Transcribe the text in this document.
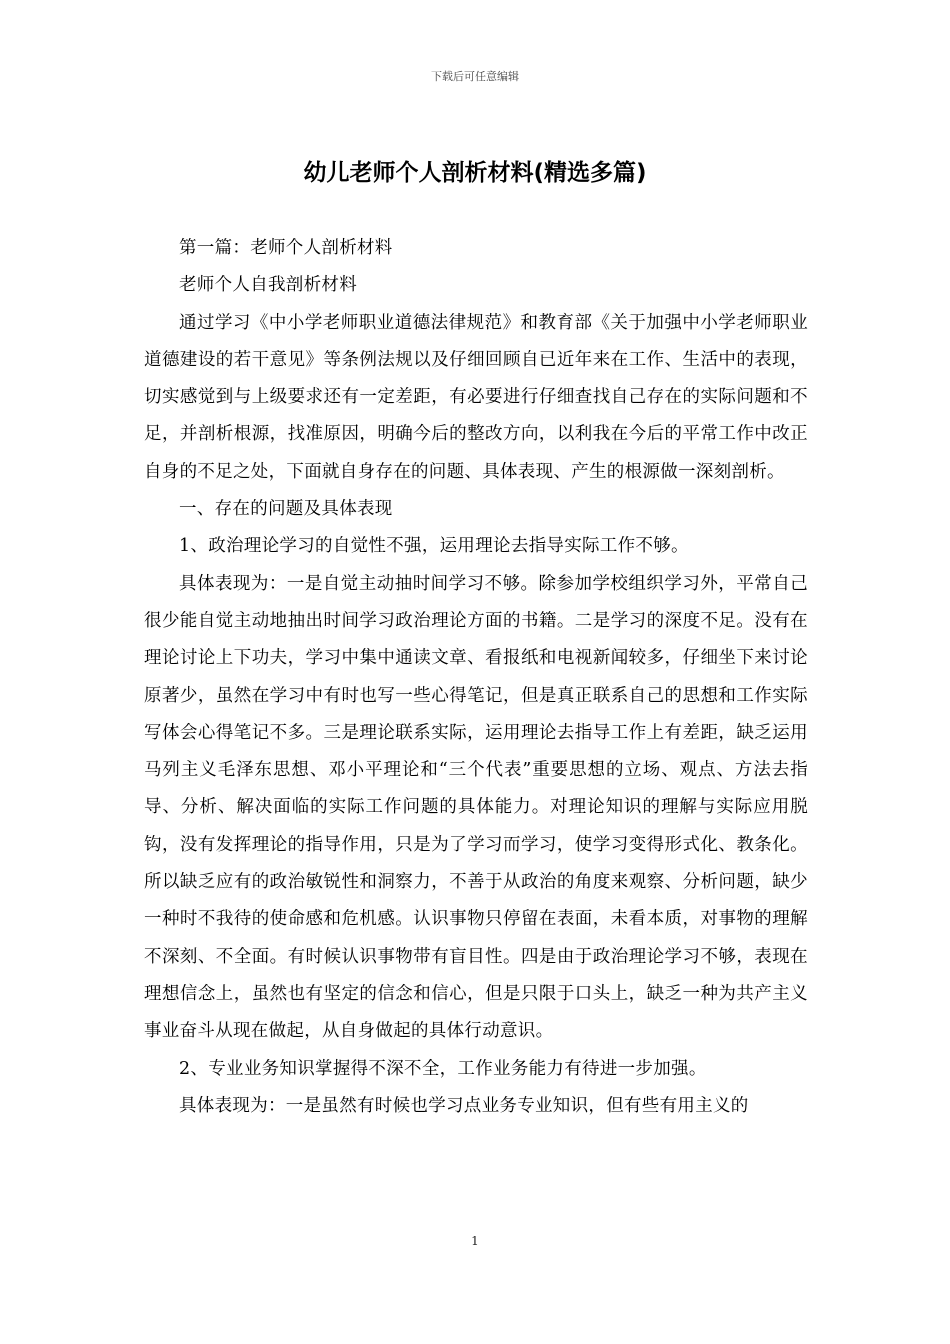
下载后可任意编辑
幼儿老师个人剖析材料(精选多篇)

第一篇：老师个人剖析材料

老师个人自我剖析材料

通过学习《中小学老师职业道德法律规范》和教育部《关于加强中小学老师职业道德建设的若干意见》等条例法规以及仔细回顾自已近年来在工作、生活中的表现，切实感觉到与上级要求还有一定差距，有必要进行仔细查找自己存在的实际问题和不足，并剖析根源，找准原因，明确今后的整改方向，以利我在今后的平常工作中改正自身的不足之处，下面就自身存在的问题、具体表现、产生的根源做一深刻剖析。

一、存在的问题及具体表现

1、政治理论学习的自觉性不强，运用理论去指导实际工作不够。

具体表现为：一是自觉主动抽时间学习不够。除参加学校组织学习外，平常自己很少能自觉主动地抽出时间学习政治理论方面的书籍。二是学习的深度不足。没有在理论讨论上下功夫，学习中集中通读文章、看报纸和电视新闻较多，仔细坐下来讨论原著少，虽然在学习中有时也写一些心得笔记，但是真正联系自己的思想和工作实际写体会心得笔记不多。三是理论联系实际，运用理论去指导工作上有差距，缺乏运用马列主义毛泽东思想、邓小平理论和“三个代表”重要思想的立场、观点、方法去指导、分析、解决面临的实际工作问题的具体能力。对理论知识的理解与实际应用脱钩，没有发挥理论的指导作用，只是为了学习而学习，使学习变得形式化、教条化。所以缺乏应有的政治敏锐性和洞察力，不善于从政治的角度来观察、分析问题，缺少一种时不我待的使命感和危机感。认识事物只停留在表面，未看本质，对事物的理解不深刻、不全面。有时候认识事物带有盲目性。四是由于政治理论学习不够，表现在理想信念上，虽然也有坚定的信念和信心，但是只限于口头上，缺乏一种为共产主义事业奋斗从现在做起，从自身做起的具体行动意识。

2、专业业务知识掌握得不深不全，工作业务能力有待进一步加强。

具体表现为：一是虽然有时候也学习点业务专业知识，但有些有用主义的

1
